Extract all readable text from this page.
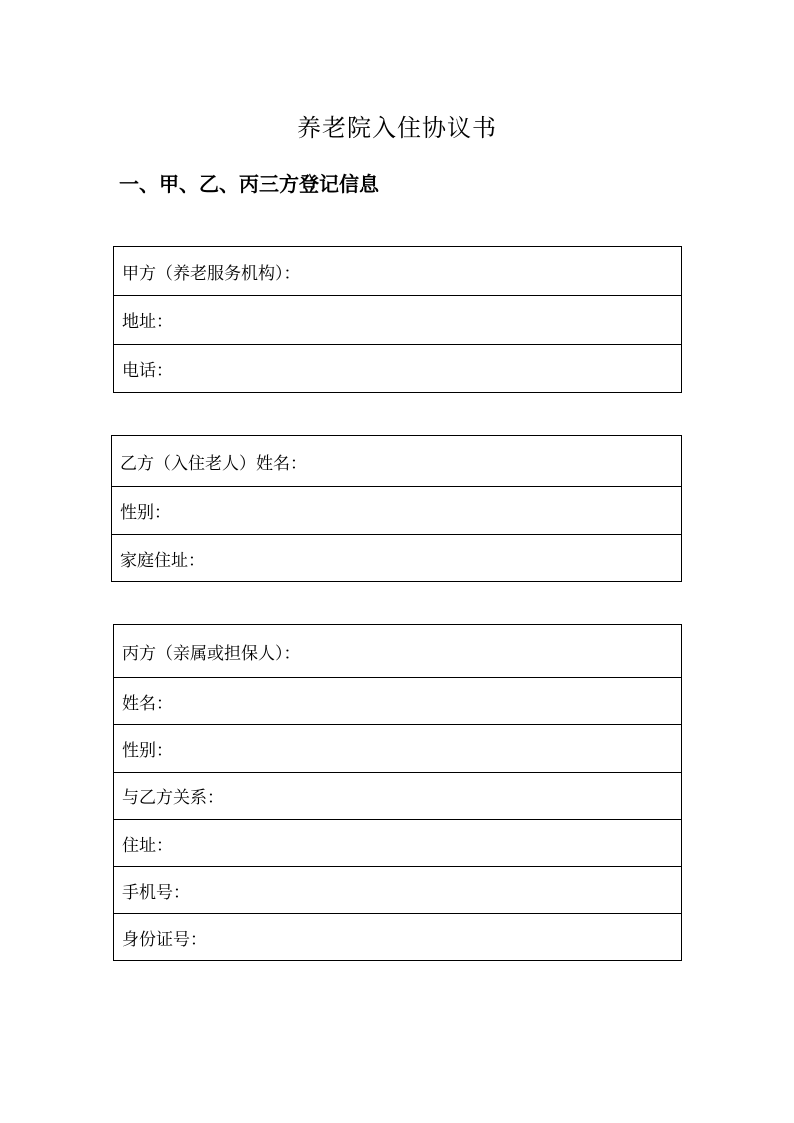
养老院入住协议书
一、甲、乙、丙三方登记信息
甲方（养老服务机构）：
地址：
电话：
乙方（入住老人）姓名：
性别：
家庭住址：
丙方（亲属或担保人）：
姓名：
性别：
与乙方关系：
住址：
手机号：
身份证号：
